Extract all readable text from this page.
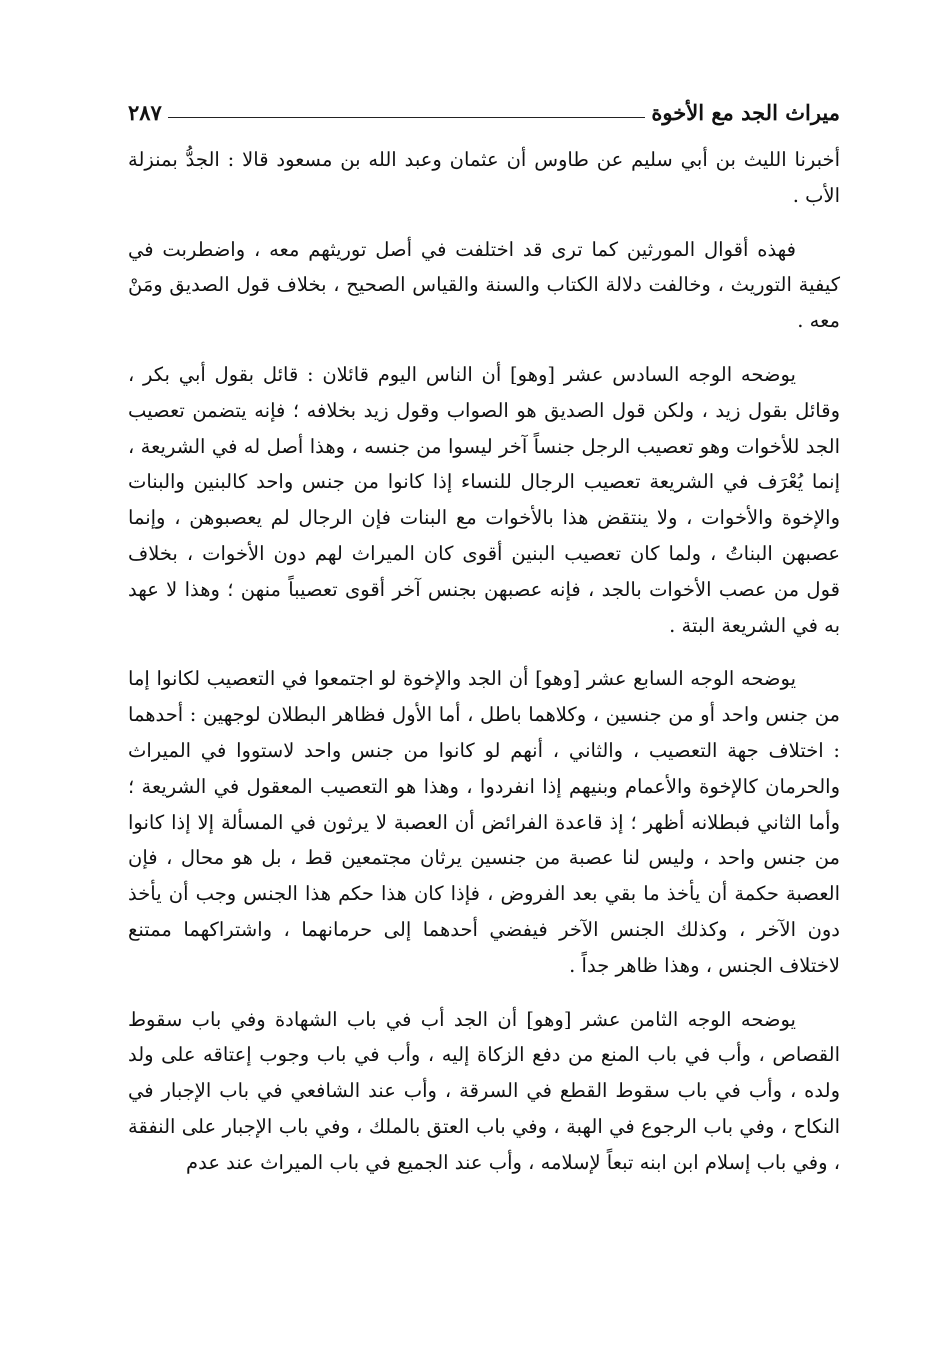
ميراث الجد مع الأخوة
٢٨٧

أخبرنا الليث بن أبي سليم عن طاوس أن عثمان وعبد الله بن مسعود قالا : الجدُّ بمنزلة الأب .

فهذه أقوال المورثين كما ترى قد اختلفت في أصل توريثهم معه ، واضطربت في كيفية التوريث ، وخالفت دلالة الكتاب والسنة والقياس الصحيح ، بخلاف قول الصديق ومَنْ معه .

يوضحه الوجه السادس عشر [وهو] أن الناس اليوم قائلان : قائل بقول أبي بكر ، وقائل بقول زيد ، ولكن قول الصديق هو الصواب وقول زيد بخلافه ؛ فإنه يتضمن تعصيب الجد للأخوات وهو تعصيب الرجل جنساً آخر ليسوا من جنسه ، وهذا أصل له في الشريعة ، إنما يُعْرَف في الشريعة تعصيب الرجال للنساء إذا كانوا من جنس واحد كالبنين والبنات والإخوة والأخوات ، ولا ينتقض هذا بالأخوات مع البنات فإن الرجال لم يعصبوهن ، وإنما عصبهن البناتُ ، ولما كان تعصيب البنين أقوى كان الميراث لهم دون الأخوات ، بخلاف قول من عصب الأخوات بالجد ، فإنه عصبهن بجنس آخر أقوى تعصيباً منهن ؛ وهذا لا عهد به في الشريعة البتة .

يوضحه الوجه السابع عشر [وهو] أن الجد والإخوة لو اجتمعوا في التعصيب لكانوا إما من جنس واحد أو من جنسين ، وكلاهما باطل ، أما الأول فظاهر البطلان لوجهين : أحدهما : اختلاف جهة التعصيب ، والثاني ، أنهم لو كانوا من جنس واحد لاستووا في الميراث والحرمان كالإخوة والأعمام وبنيهم إذا انفردوا ، وهذا هو التعصيب المعقول في الشريعة ؛ وأما الثاني فبطلانه أظهر ؛ إذ قاعدة الفرائض أن العصبة لا يرثون في المسألة إلا إذا كانوا من جنس واحد ، وليس لنا عصبة من جنسين يرثان مجتمعين قط ، بل هو محال ، فإن العصبة حكمة أن يأخذ ما بقي بعد الفروض ، فإذا كان هذا حكم هذا الجنس وجب أن يأخذ دون الآخر ، وكذلك الجنس الآخر فيفضي أحدهما إلى حرمانهما ، واشتراكهما ممتنع لاختلاف الجنس ، وهذا ظاهر جداً .

يوضحه الوجه الثامن عشر [وهو] أن الجد أب في باب الشهادة وفي باب سقوط القصاص ، وأب في باب المنع من دفع الزكاة إليه ، وأب في باب وجوب إعتاقه على ولد ولده ، وأب في باب سقوط القطع في السرقة ، وأب عند الشافعي في باب الإجبار في النكاح ، وفي باب الرجوع في الهبة ، وفي باب العتق بالملك ، وفي باب الإجبار على النفقة ، وفي باب إسلام ابن ابنه تبعاً لإسلامه ، وأب عند الجميع في باب الميراث عند عدم
